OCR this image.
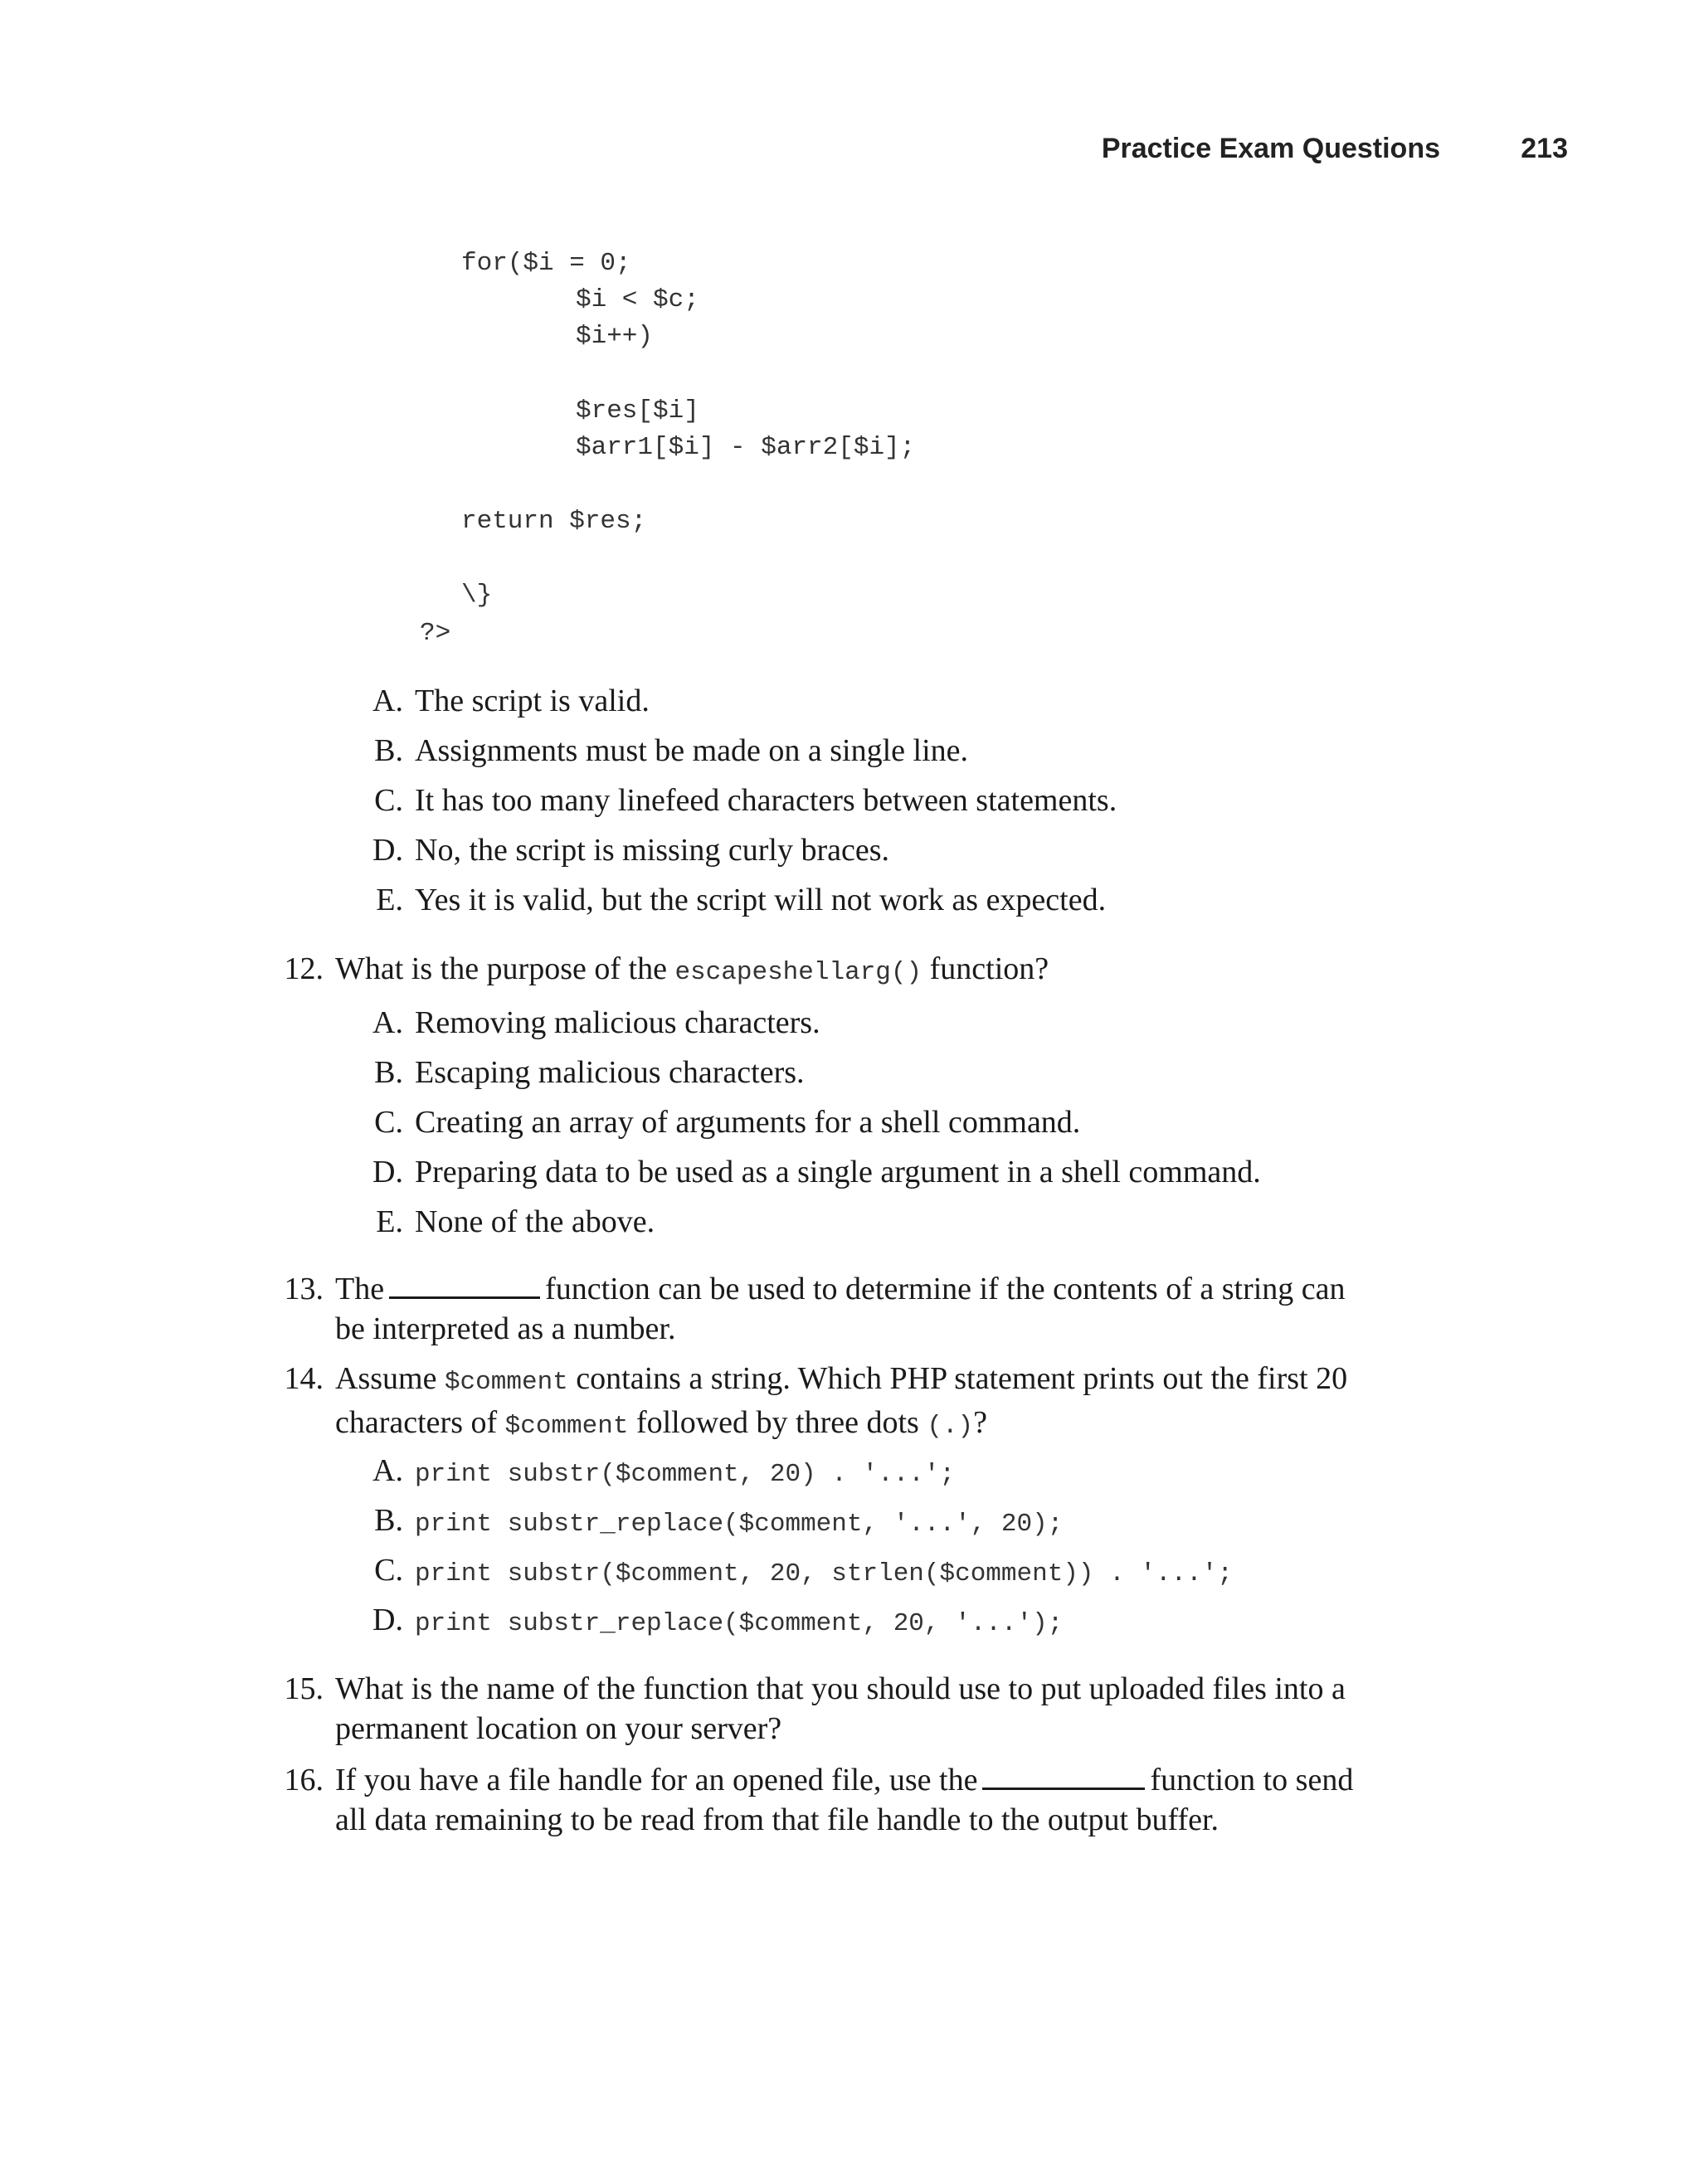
Practice Exam Questions	213
for($i = 0;
$i < $c;
$i++)
$res[$i]
$arr1[$i] - $arr2[$i];
return $res;
\}
?>
A. The script is valid.
B. Assignments must be made on a single line.
C. It has too many linefeed characters between statements.
D. No, the script is missing curly braces.
E. Yes it is valid, but the script will not work as expected.
12. What is the purpose of the escapeshellarg() function?
A. Removing malicious characters.
B. Escaping malicious characters.
C. Creating an array of arguments for a shell command.
D. Preparing data to be used as a single argument in a shell command.
E. None of the above.
13. The	function can be used to determine if the contents of a string can
be interpreted as a number.
14. Assume $comment contains a string. Which PHP statement prints out the first 20
characters of $comment followed by three dots (.)?
A. print substr($comment, 20) . '...';
B. print substr_replace($comment, '...', 20);
C. print substr($comment, 20, strlen($comment)) . '...';
D. print substr_replace($comment, 20, '...');
15. What is the name of the function that you should use to put uploaded files into a
permanent location on your server?
16. If you have a file handle for an opened file, use the	function to send
all data remaining to be read from that file handle to the output buffer.
